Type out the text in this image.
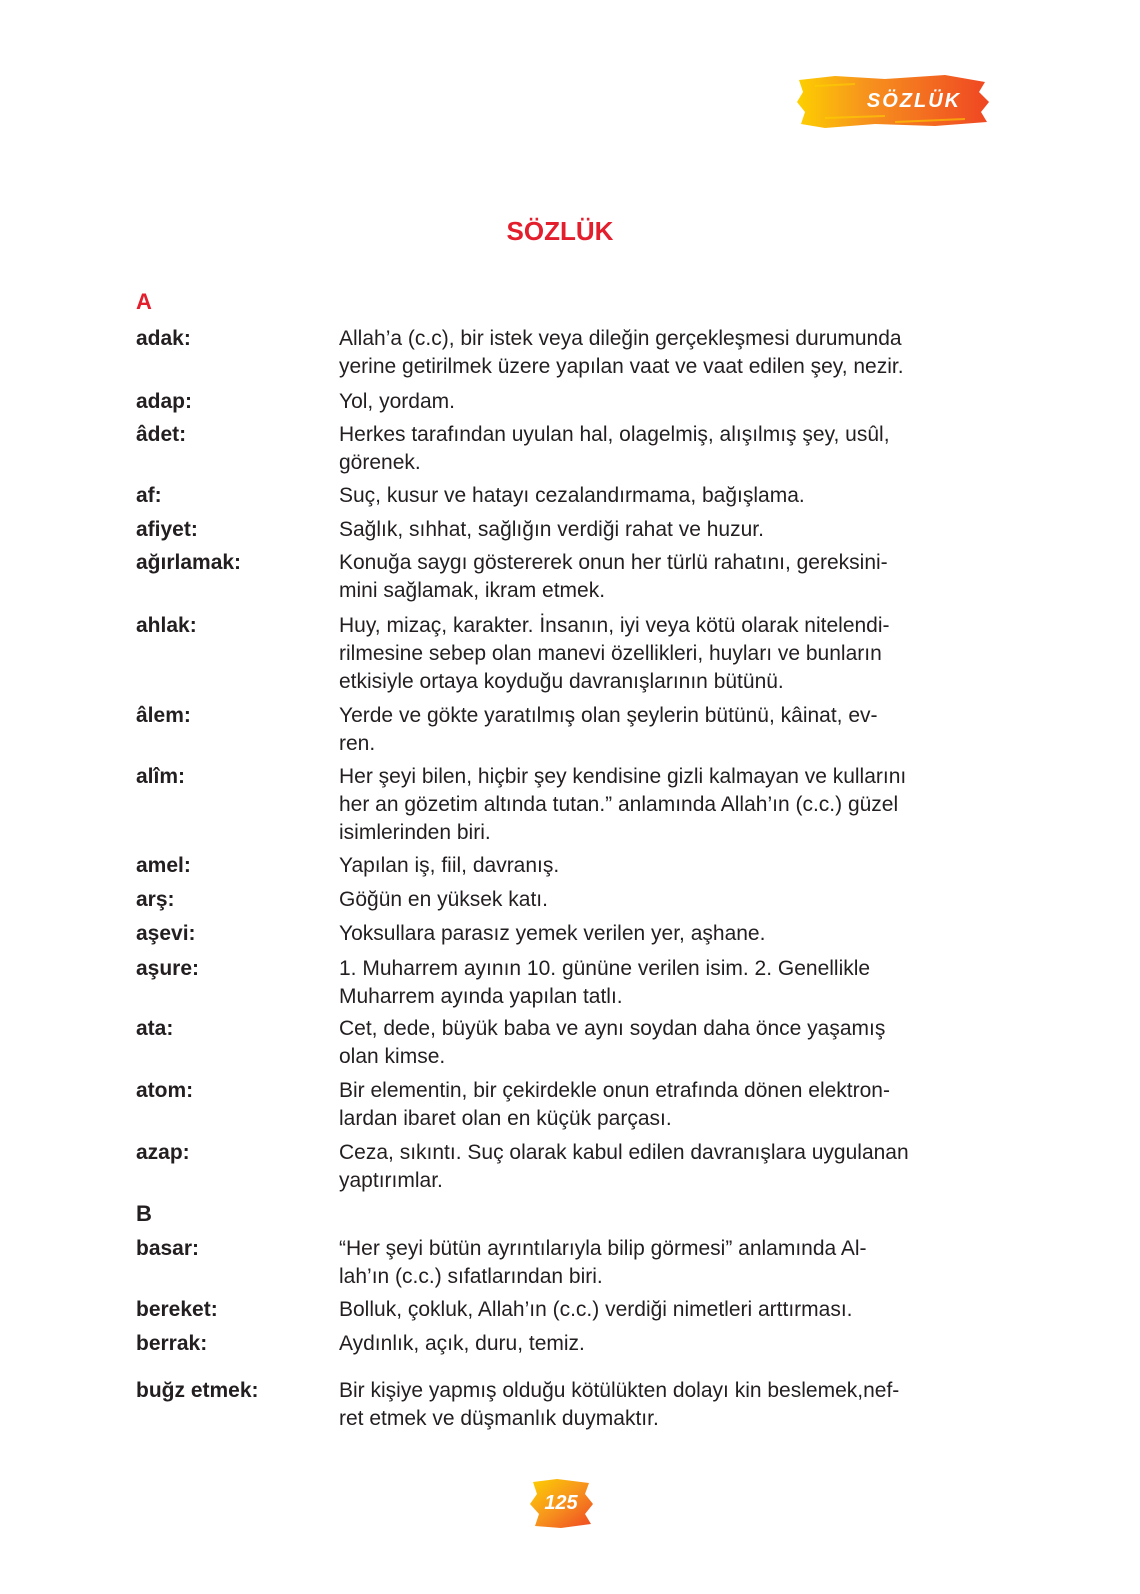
SÖZLÜK
SÖZLÜK
A
adak:	Allah’a (c.c), bir istek veya dileğin gerçekleşmesi durumunda
yerine getirilmek üzere yapılan vaat ve vaat edilen şey, nezir.
adap:	Yol, yordam.
âdet:	Herkes tarafından uyulan hal, olagelmiş, alışılmış şey, usûl,
görenek.
af:	Suç, kusur ve hatayı cezalandırmama, bağışlama.
afiyet:	Sağlık, sıhhat, sağlığın verdiği rahat ve huzur.
ağırlamak:	Konuğa saygı göstererek onun her türlü rahatını, gereksini-
mini sağlamak, ikram etmek.
ahlak:	Huy, mizaç, karakter. İnsanın, iyi veya kötü olarak nitelendi-
rilmesine sebep olan manevi özellikleri, huyları ve bunların
etkisiyle ortaya koyduğu davranışlarının bütünü.
âlem:	Yerde ve gökte yaratılmış olan şeylerin bütünü, kâinat, ev-
ren.
alîm:	Her şeyi bilen, hiçbir şey kendisine gizli kalmayan ve kullarını
her an gözetim altında tutan.” anlamında Allah’ın (c.c.) güzel
isimlerinden biri.
amel:	Yapılan iş, fiil, davranış.
arş:	Göğün en yüksek katı.
aşevi:	Yoksullara parasız yemek verilen yer, aşhane.
aşure:	1. Muharrem ayının 10. gününe verilen isim. 2. Genellikle
Muharrem ayında yapılan tatlı.
ata:	Cet, dede, büyük baba ve aynı soydan daha önce yaşamış
olan kimse.
atom:	Bir elementin, bir çekirdekle onun etrafında dönen elektron-
lardan ibaret olan en küçük parçası.
azap:	Ceza, sıkıntı. Suç olarak kabul edilen davranışlara uygulanan
yaptırımlar.
B
basar:	“Her şeyi bütün ayrıntılarıyla bilip görmesi” anlamında Al-
lah’ın (c.c.) sıfatlarından biri.
bereket:	Bolluk, çokluk, Allah’ın (c.c.) verdiği nimetleri arttırması.
berrak:	Aydınlık, açık, duru, temiz.
buğz etmek:	Bir kişiye yapmış olduğu kötülükten dolayı kin beslemek,nef-
ret etmek ve düşmanlık duymaktır.
125
